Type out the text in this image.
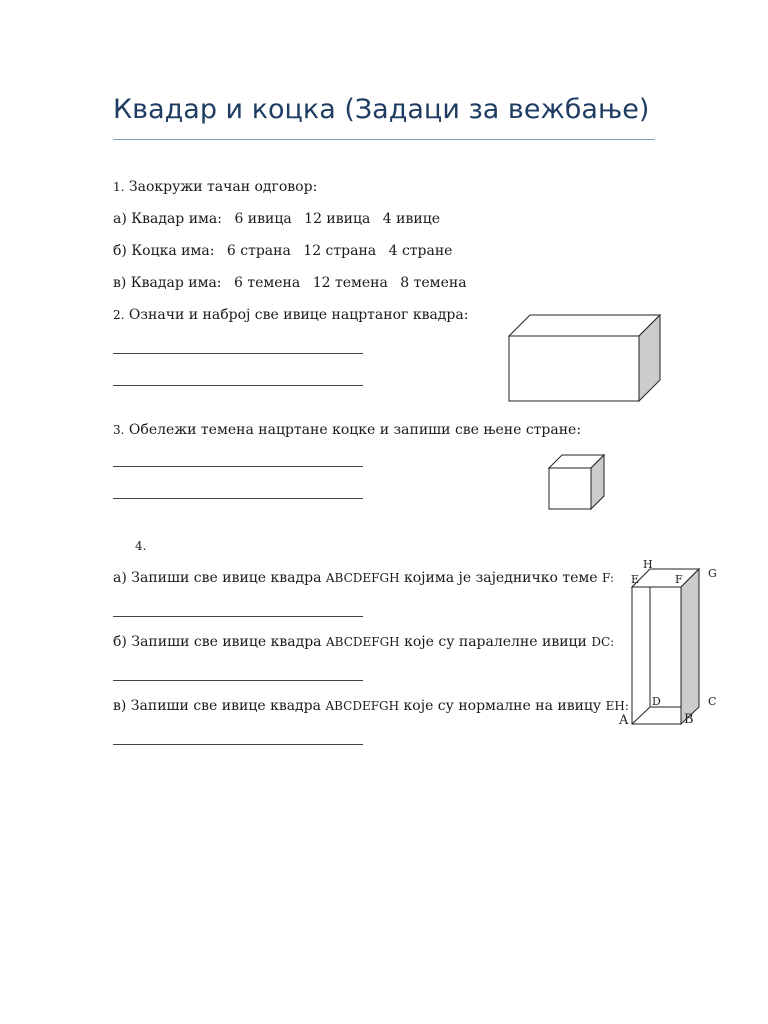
Квадар и коцка (Задаци за вежбање)
1. Заокружи тачан одговор:
а) Квадар има: 6 ивица 12 ивица 4 ивице
б) Коцка има: 6 страна 12 страна 4 стране
в) Квадар има: 6 темена 12 темена 8 темена
2. Означи и наброј све ивице нацртаног квадра:
3. Обележи темена нацртане коцке и запиши све њене стране:
4.
а) Запиши све ивице квадра ABCDEFGH којима је заједничко теме F:
б) Запиши све ивице квадра ABCDEFGH које су паралелне ивици DC:
в) Запиши све ивице квадра ABCDEFGH које су нормалне на ивицу EH:
A	B
C
D
E	F G
H
